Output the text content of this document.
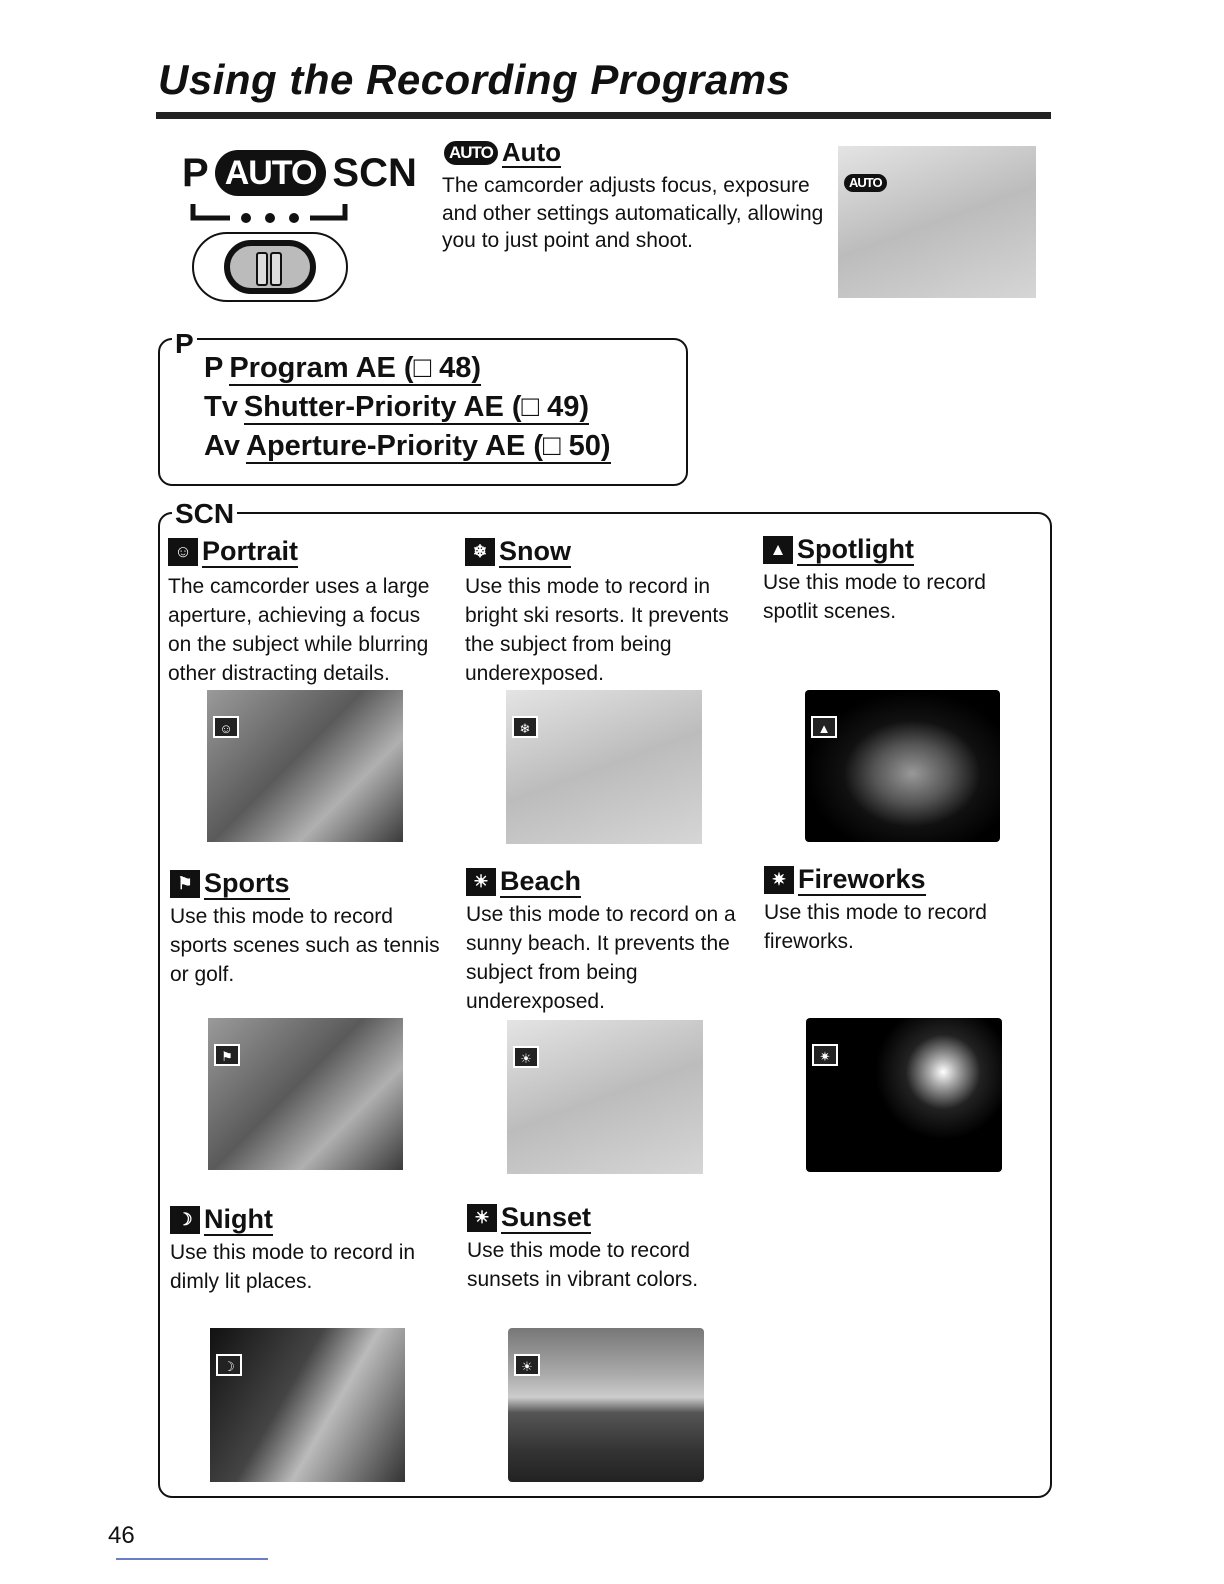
Using the Recording Programs
P AUTO SCN AUTO Auto
The camcorder adjusts focus, exposure and other settings automatically, allowing you to just point and shoot.
AUTO
P
P Program AE (□ 48)
Tv Shutter-Priority AE (□ 49)
Av Aperture-Priority AE (□ 50)
SCN
☺ Portrait
The camcorder uses a large aperture, achieving a focus on the subject while blurring other distracting details.
❄ Snow
Use this mode to record in bright ski resorts. It prevents the subject from being underexposed.
▲ Spotlight
Use this mode to record spotlit scenes.
☺	❄	▲
⚑ Sports
Use this mode to record sports scenes such as tennis or golf.
☀ Beach
Use this mode to record on a sunny beach. It prevents the subject from being underexposed.
✷ Fireworks
Use this mode to record fireworks.
⚑	☀	✷
☽ Night
Use this mode to record in dimly lit places.
☀ Sunset
Use this mode to record sunsets in vibrant colors.
☽	☀
46
